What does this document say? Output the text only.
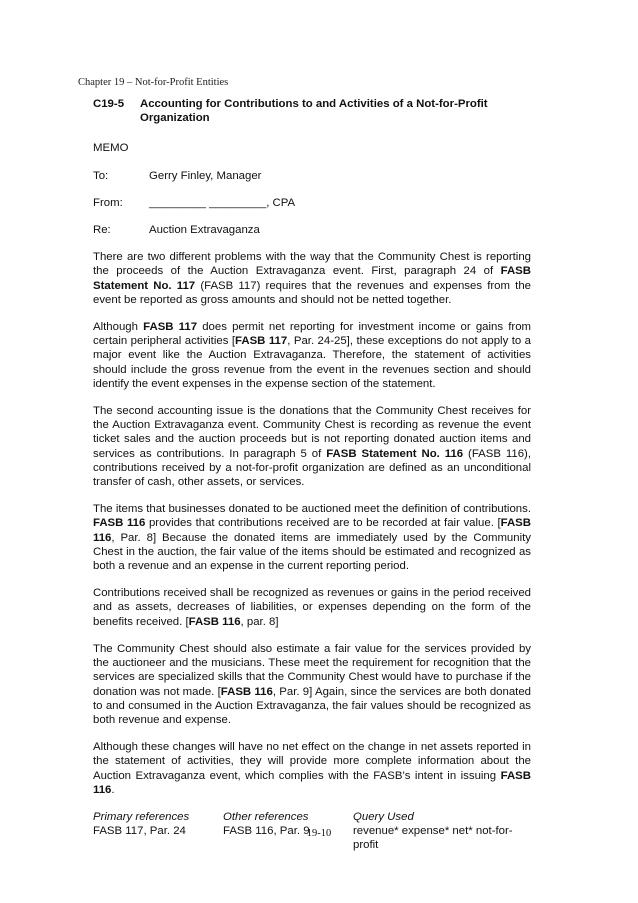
Chapter 19 – Not-for-Profit Entities
C19-5	Accounting for Contributions to and Activities of a Not-for-Profit Organization
MEMO
To:	Gerry Finley, Manager
From:	_________ _________, CPA
Re:	Auction Extravaganza

There are two different problems with the way that the Community Chest is reporting the proceeds of the Auction Extravaganza event. First, paragraph 24 of FASB Statement No. 117 (FASB 117) requires that the revenues and expenses from the event be reported as gross amounts and should not be netted together.

Although FASB 117 does permit net reporting for investment income or gains from certain peripheral activities [FASB 117, Par. 24-25], these exceptions do not apply to a major event like the Auction Extravaganza. Therefore, the statement of activities should include the gross revenue from the event in the revenues section and should identify the event expenses in the expense section of the statement.

The second accounting issue is the donations that the Community Chest receives for the Auction Extravaganza event. Community Chest is recording as revenue the event ticket sales and the auction proceeds but is not reporting donated auction items and services as contributions. In paragraph 5 of FASB Statement No. 116 (FASB 116), contributions received by a not-for-profit organization are defined as an unconditional transfer of cash, other assets, or services.

The items that businesses donated to be auctioned meet the definition of contributions. FASB 116 provides that contributions received are to be recorded at fair value. [FASB 116, Par. 8] Because the donated items are immediately used by the Community Chest in the auction, the fair value of the items should be estimated and recognized as both a revenue and an expense in the current reporting period.

Contributions received shall be recognized as revenues or gains in the period received and as assets, decreases of liabilities, or expenses depending on the form of the benefits received. [FASB 116, par. 8]

The Community Chest should also estimate a fair value for the services provided by the auctioneer and the musicians. These meet the requirement for recognition that the services are specialized skills that the Community Chest would have to purchase if the donation was not made. [FASB 116, Par. 9] Again, since the services are both donated to and consumed in the Auction Extravaganza, the fair values should be recognized as both revenue and expense.

Although these changes will have no net effect on the change in net assets reported in the statement of activities, they will provide more complete information about the Auction Extravaganza event, which complies with the FASB’s intent in issuing FASB 116.

Primary references	Other references	Query Used
FASB 117, Par. 24	FASB 116, Par. 9	revenue* expense* net* not-for-profit
19-10
